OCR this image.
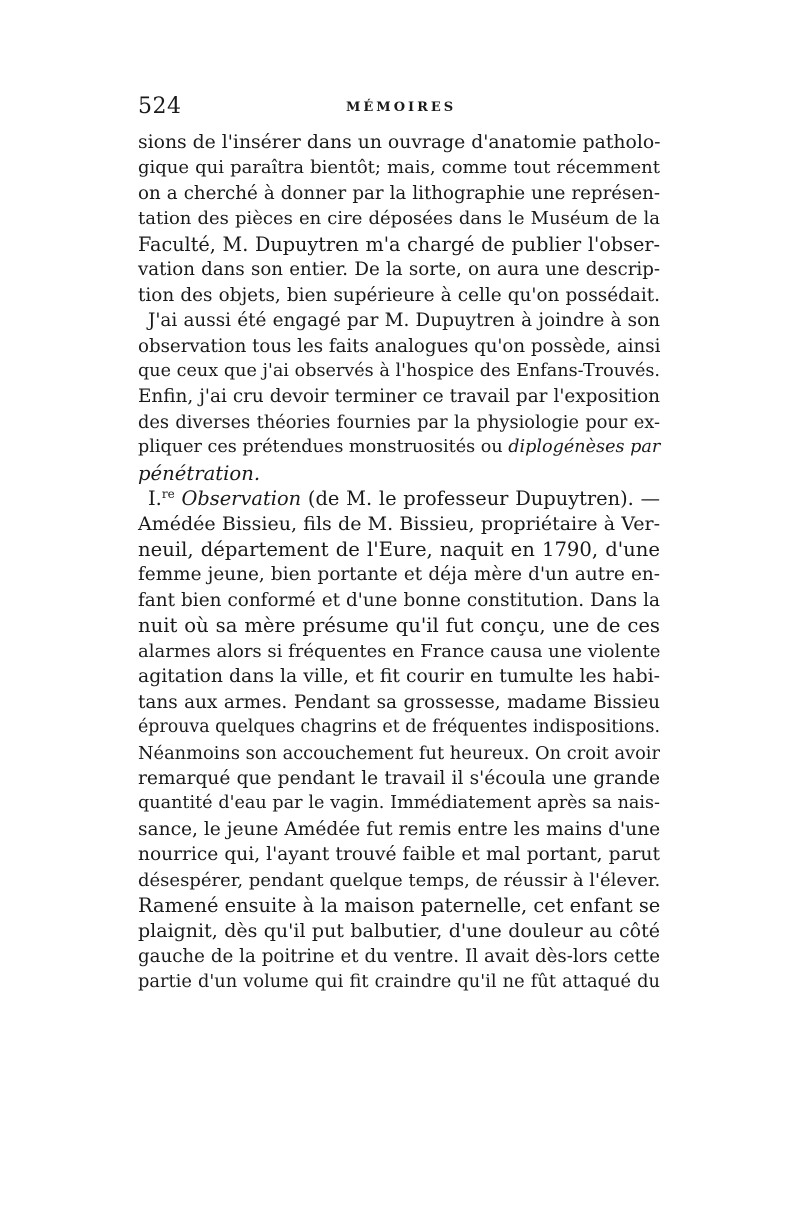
524	MÉMOIRES
sions de l'insérer dans un ouvrage d'anatomie patholo-
gique qui paraîtra bientôt; mais, comme tout récemment
on a cherché à donner par la lithographie une représen-
tation des pièces en cire déposées dans le Muséum de la
Faculté, M. Dupuytren m'a chargé de publier l'obser-
vation dans son entier. De la sorte, on aura une descrip-
tion des objets, bien supérieure à celle qu'on possédait.
J'ai aussi été engagé par M. Dupuytren à joindre à son
observation tous les faits analogues qu'on possède, ainsi
que ceux que j'ai observés à l'hospice des Enfans-Trouvés.
Enfin, j'ai cru devoir terminer ce travail par l'exposition
des diverses théories fournies par la physiologie pour ex-
pliquer ces prétendues monstruosités ou diplogénèses par
pénétration.
I.$^{re}$ Observation (de M. le professeur Dupuytren). —
Amédée Bissieu, fils de M. Bissieu, propriétaire à Ver-
neuil, département de l'Eure, naquit en 1790, d'une
femme jeune, bien portante et déja mère d'un autre en-
fant bien conformé et d'une bonne constitution. Dans la
nuit où sa mère présume qu'il fut conçu, une de ces
alarmes alors si fréquentes en France causa une violente
agitation dans la ville, et fit courir en tumulte les habi-
tans aux armes. Pendant sa grossesse, madame Bissieu
éprouva quelques chagrins et de fréquentes indispositions.
Néanmoins son accouchement fut heureux. On croit avoir
remarqué que pendant le travail il s'écoula une grande
quantité d'eau par le vagin. Immédiatement après sa nais-
sance, le jeune Amédée fut remis entre les mains d'une
nourrice qui, l'ayant trouvé faible et mal portant, parut
désespérer, pendant quelque temps, de réussir à l'élever.
Ramené ensuite à la maison paternelle, cet enfant se
plaignit, dès qu'il put balbutier, d'une douleur au côté
gauche de la poitrine et du ventre. Il avait dès-lors cette
partie d'un volume qui fit craindre qu'il ne fût attaqué du
